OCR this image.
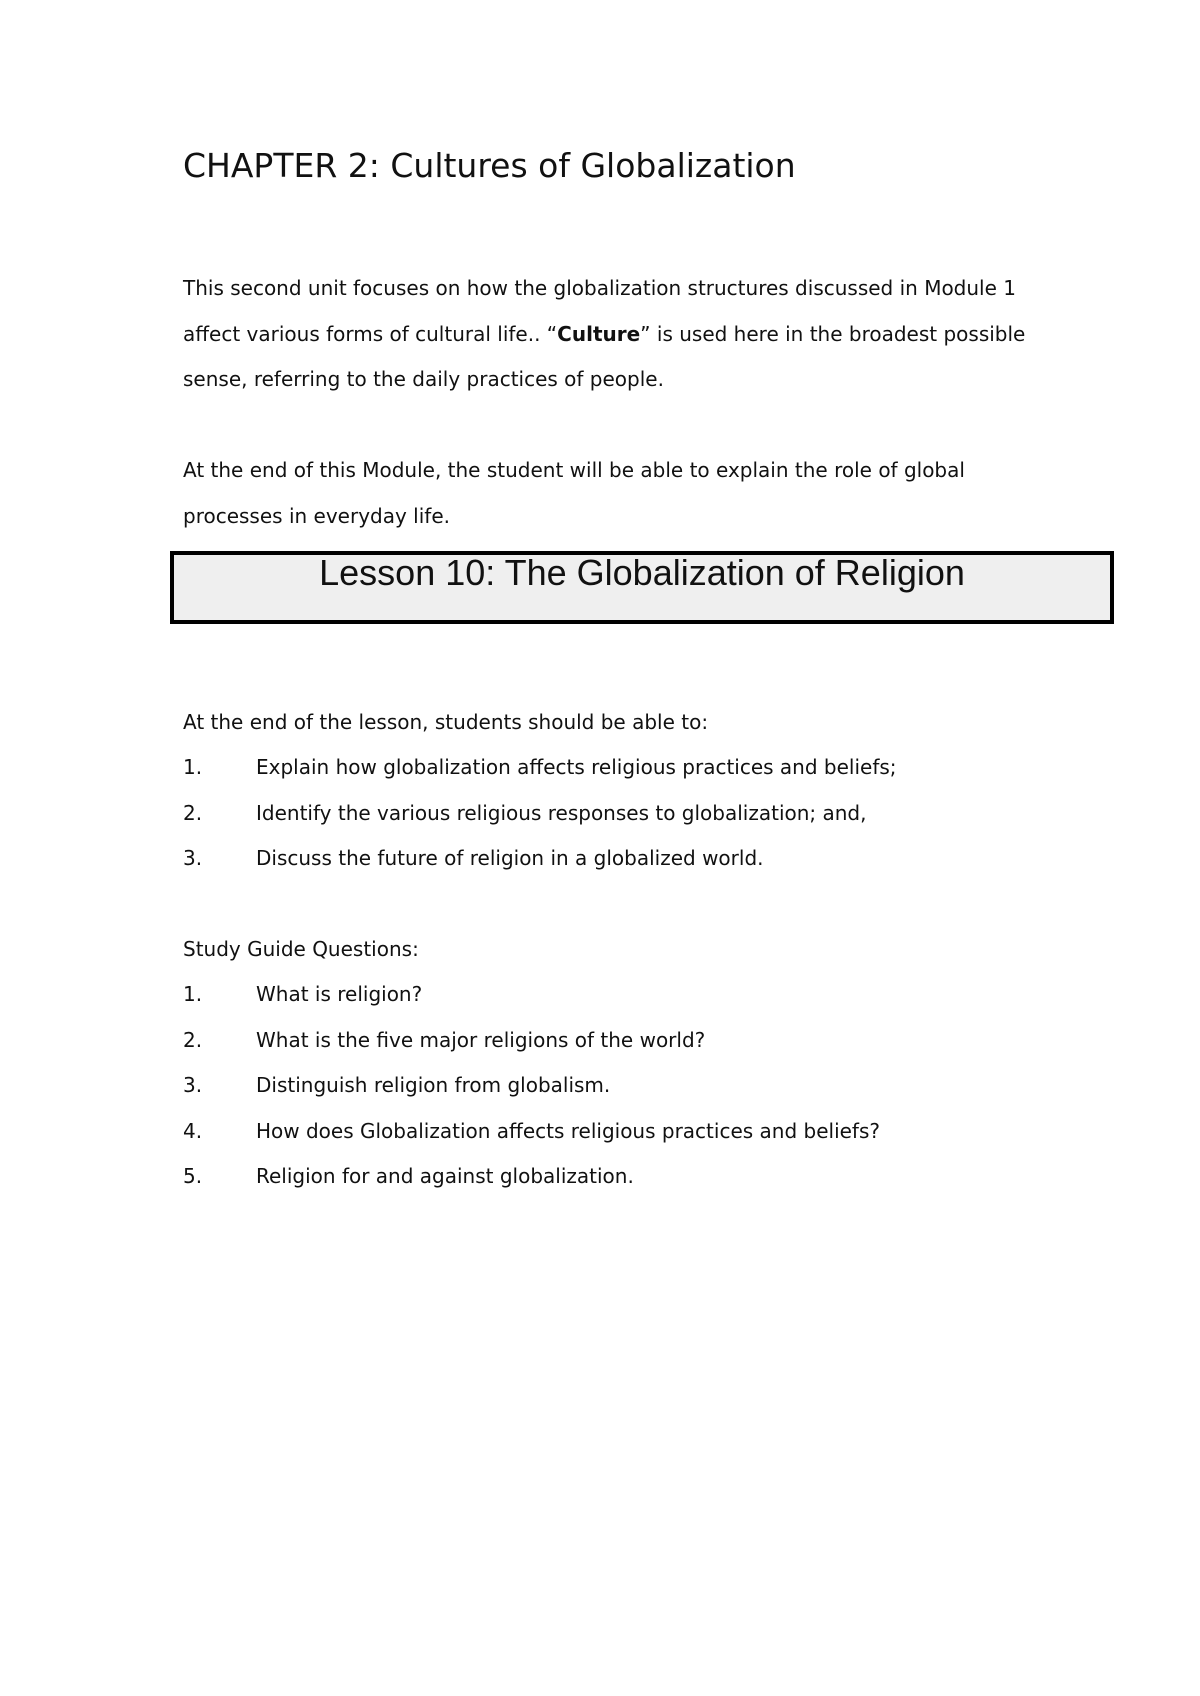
CHAPTER 2: Cultures of Globalization

This second unit focuses on how the globalization structures discussed in Module 1 affect various forms of cultural life.. “Culture” is used here in the broadest possible sense, referring to the daily practices of people.

At the end of this Module, the student will be able to explain the role of global processes in everyday life.

Lesson 10: The Globalization of Religion

At the end of the lesson, students should be able to:

1.	Explain how globalization affects religious practices and beliefs;
2.	Identify the various religious responses to globalization; and,
3.	Discuss the future of religion in a globalized world.

Study Guide Questions:

1.	What is religion?
2.	What is the five major religions of the world?
3.	Distinguish religion from globalism.
4.	How does Globalization affects religious practices and beliefs?
5.	Religion for and against globalization.
